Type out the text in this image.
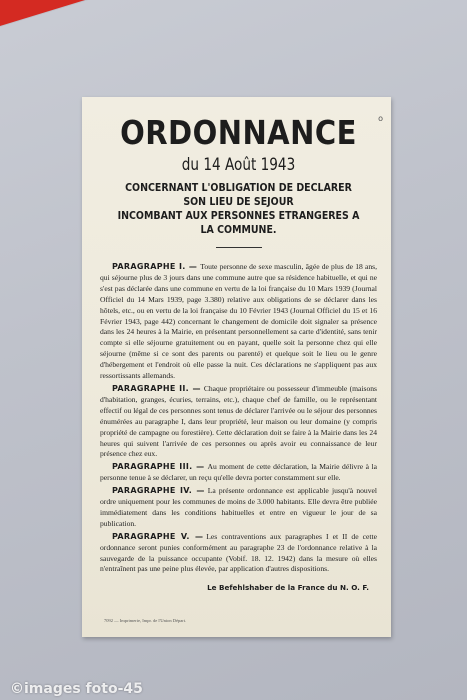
o
ORDONNANCE
du 14 Août 1943
CONCERNANT L'OBLIGATION DE DECLARER SON LIEU DE SEJOUR
INCOMBANT AUX PERSONNES ETRANGERES A LA COMMUNE.
PARAGRAPHE I. — Toute personne de sexe masculin, âgée de plus de 18 ans, qui séjourne plus de 3 jours dans une commune autre que sa résidence habituelle, et qui ne s'est pas déclarée dans une commune en vertu de la loi française du 10 Mars 1939 (Journal Officiel du 14 Mars 1939, page 3.380) relative aux obligations de se déclarer dans les hôtels, etc., ou en vertu de la loi française du 10 Février 1943 (Journal Officiel du 15 et 16 Février 1943, page 442) concernant le changement de domicile doit signaler sa présence dans les 24 heures à la Mairie, en présentant personnellement sa carte d'identité, sans tenir compte si elle séjourne gratuitement ou en payant, quelle soit la personne chez qui elle séjourne (même si ce sont des parents ou parenté) et quelque soit le lieu ou le genre d'hébergement et l'endroit où elle passe la nuit. Ces déclarations ne s'appliquent pas aux ressortissants allemands.
PARAGRAPHE II. — Chaque propriétaire ou possesseur d'immeuble (maisons d'habitation, granges, écuries, terrains, etc.), chaque chef de famille, ou le représentant effectif ou légal de ces personnes sont tenus de déclarer l'arrivée ou le séjour des personnes énumérées au paragraphe I, dans leur propriété, leur maison ou leur domaine (y compris propriété de campagne ou forestière). Cette déclaration doit se faire à la Mairie dans les 24 heures qui suivent l'arrivée de ces personnes ou après avoir eu connaissance de leur présence chez eux.
PARAGRAPHE III. — Au moment de cette déclaration, la Mairie délivre à la personne tenue à se déclarer, un reçu qu'elle devra porter constamment sur elle.
PARAGRAPHE IV. — La présente ordonnance est applicable jusqu'à nouvel ordre uniquement pour les communes de moins de 3.000 habitants. Elle devra être publiée immédiatement dans les conditions habituelles et entre en vigueur le jour de sa publication.
PARAGRAPHE V. — Les contraventions aux paragraphes I et II de cette ordonnance seront punies conformément au paragraphe 23 de l'ordonnance relative à la sauvegarde de la puissance occupante (Vobif. 18. 12. 1942) dans la mesure où elles n'entraînent pas une peine plus élevée, par application d'autres dispositions.
Le Befehlshaber de la France du N. O. F.
7092 — Imprimerie, Impr. de l'Union Départ.
©images foto-45
